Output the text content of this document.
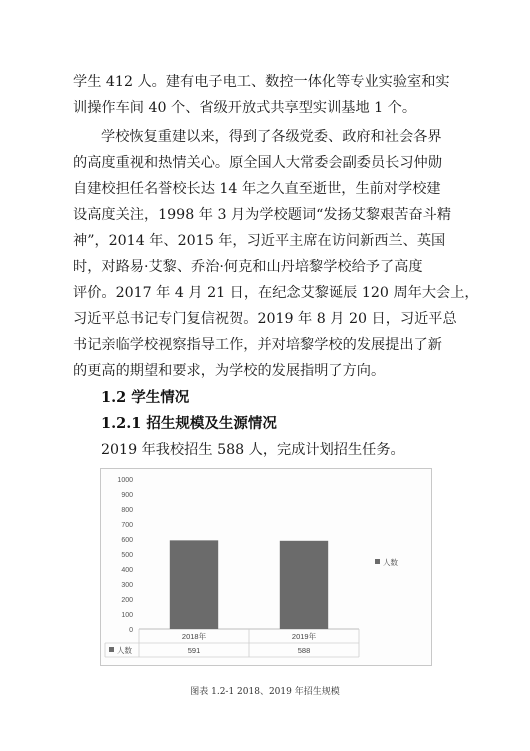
学生 412 人。建有电子电工、数控一体化等专业实验室和实
训操作车间 40 个、省级开放式共享型实训基地 1 个。
学校恢复重建以来，得到了各级党委、政府和社会各界
的高度重视和热情关心。原全国人大常委会副委员长习仲勋
自建校担任名誉校长达 14 年之久直至逝世，生前对学校建
设高度关注，1998 年 3 月为学校题词“发扬艾黎艰苦奋斗精
神”，2014 年、2015 年，习近平主席在访问新西兰、英国
时，对路易·艾黎、乔治·何克和山丹培黎学校给予了高度
评价。2017 年 4 月 21 日，在纪念艾黎诞辰 120 周年大会上，
习近平总书记专门复信祝贺。2019 年 8 月 20 日，习近平总
书记亲临学校视察指导工作，并对培黎学校的发展提出了新
的更高的期望和要求，为学校的发展指明了方向。
1.2 学生情况
1.2.1 招生规模及生源情况
2019 年我校招生 588 人，完成计划招生任务。
0
100
200
300
400
500
600
700
800
900
1000
2018年
591
2019年
588
人数
人数
图表 1.2-1 2018、2019 年招生规模
